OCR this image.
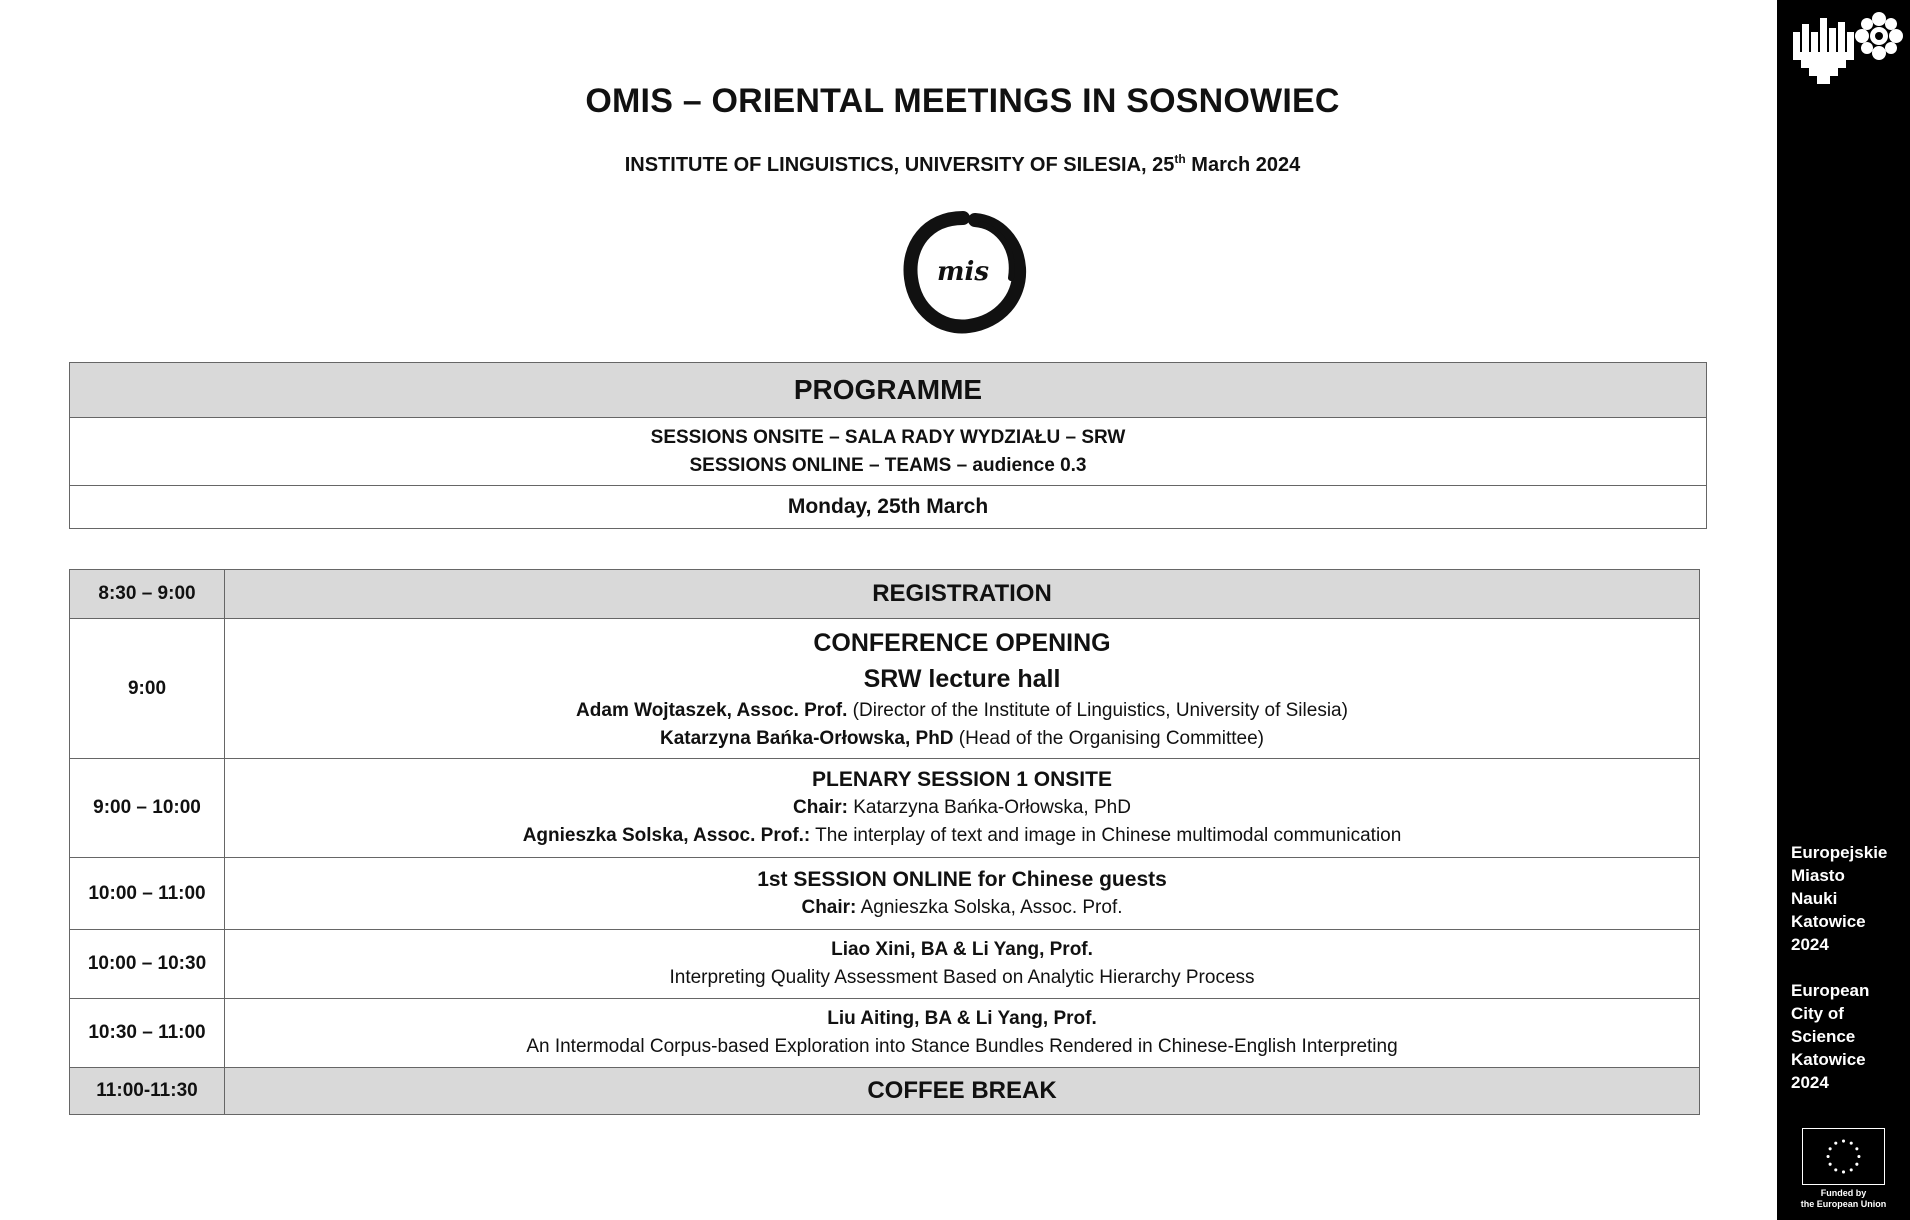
OMIS – ORIENTAL MEETINGS IN SOSNOWIEC
INSTITUTE OF LINGUISTICS, UNIVERSITY OF SILESIA, 25th March 2024
mis
PROGRAMME

SESSIONS ONSITE – SALA RADY WYDZIAŁU – SRW
SESSIONS ONLINE – TEAMS – audience 0.3

Monday, 25th March
8:30 – 9:00	REGISTRATION
9:00	CONFERENCE OPENING
SRW lecture hall
Adam Wojtaszek, Assoc. Prof. (Director of the Institute of Linguistics, University of Silesia)
Katarzyna Bańka-Orłowska, PhD (Head of the Organising Committee)

9:00 – 10:00	PLENARY SESSION 1 ONSITE
Chair: Katarzyna Bańka-Orłowska, PhD
Agnieszka Solska, Assoc. Prof.: The interplay of text and image in Chinese multimodal communication

10:00 – 11:00	1st SESSION ONLINE for Chinese guests
Chair: Agnieszka Solska, Assoc. Prof.

10:00 – 10:30	Liao Xini, BA & Li Yang, Prof.
Interpreting Quality Assessment Based on Analytic Hierarchy Process

10:30 – 11:00	Liu Aiting, BA & Li Yang, Prof.
An Intermodal Corpus-based Exploration into Stance Bundles Rendered in Chinese-English Interpreting

11:00-11:30	COFFEE BREAK
Europejskie
Miasto
Nauki
Katowice
2024
European
City of
Science
Katowice
2024
Funded by
the European Union
